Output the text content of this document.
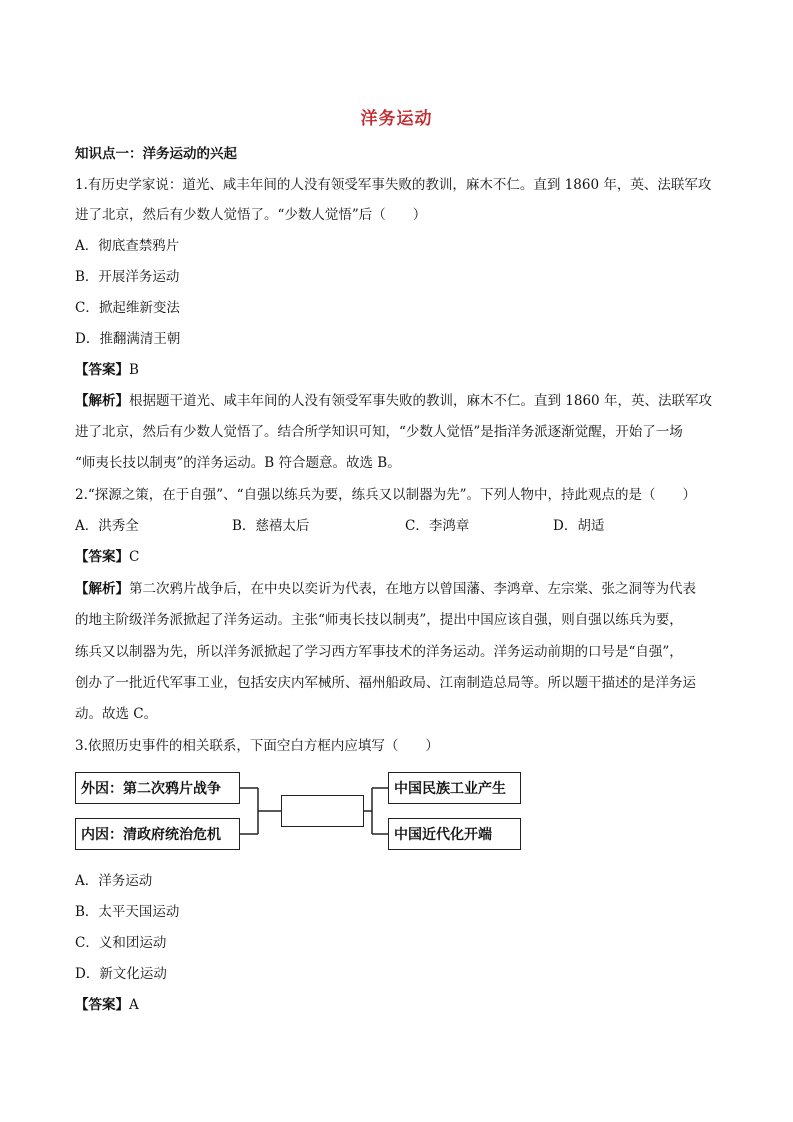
洋务运动
知识点一：洋务运动的兴起
1.有历史学家说：道光、咸丰年间的人没有领受军事失败的教训，麻木不仁。直到 1860 年，英、法联军攻
进了北京，然后有少数人觉悟了。“少数人觉悟”后（　　）
A．彻底查禁鸦片
B．开展洋务运动
C．掀起维新变法
D．推翻满清王朝
【答案】B
【解析】根据题干道光、咸丰年间的人没有领受军事失败的教训，麻木不仁。直到 1860 年，英、法联军攻
进了北京，然后有少数人觉悟了。结合所学知识可知，“少数人觉悟”是指洋务派逐渐觉醒，开始了一场
“师夷长技以制夷”的洋务运动。B 符合题意。故选 B。
2.“探源之策，在于自强”、“自强以练兵为要，练兵又以制器为先”。下列人物中，持此观点的是（　　）
A．洪秀全	B．慈禧太后	C．李鸿章	D．胡适
【答案】C
【解析】第二次鸦片战争后，在中央以奕䜣为代表，在地方以曾国藩、李鸿章、左宗棠、张之洞等为代表
的地主阶级洋务派掀起了洋务运动。主张“师夷长技以制夷”，提出中国应该自强，则自强以练兵为要，
练兵又以制器为先，所以洋务派掀起了学习西方军事技术的洋务运动。洋务运动前期的口号是“自强”，
创办了一批近代军事工业，包括安庆内军械所、福州船政局、江南制造总局等。所以题干描述的是洋务运
动。故选 C。
3.依照历史事件的相关联系，下面空白方框内应填写（　　）
外因：第二次鸦片战争
内因：清政府统治危机
中国民族工业产生
中国近代化开端
A．洋务运动
B．太平天国运动
C．义和团运动
D．新文化运动
【答案】A
